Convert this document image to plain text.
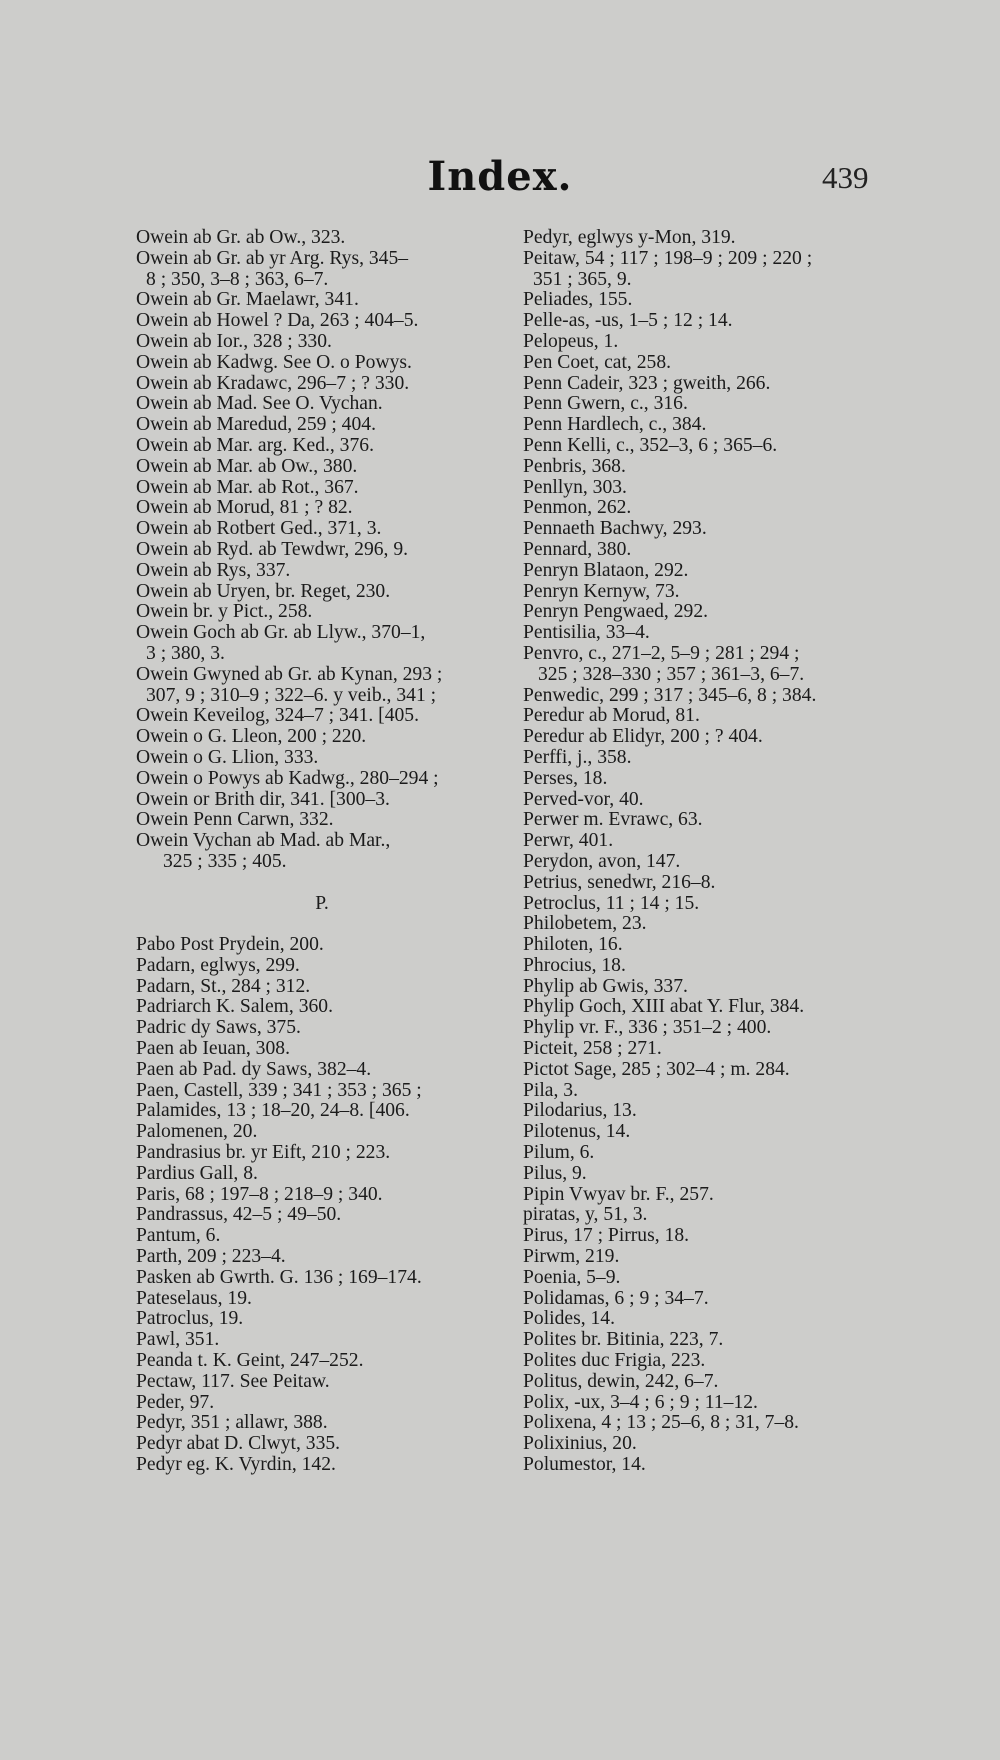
Index.	439
Owein ab Gr. ab Ow., 323.
Owein ab Gr. ab yr Arg. Rys, 345–
8 ; 350, 3–8 ; 363, 6–7.
Owein ab Gr. Maelawr, 341.
Owein ab Howel ? Da, 263 ; 404–5.
Owein ab Ior., 328 ; 330.
Owein ab Kadwg. See O. o Powys.
Owein ab Kradawc, 296–7 ; ? 330.
Owein ab Mad. See O. Vychan.
Owein ab Maredud, 259 ; 404.
Owein ab Mar. arg. Ked., 376.
Owein ab Mar. ab Ow., 380.
Owein ab Mar. ab Rot., 367.
Owein ab Morud, 81 ; ? 82.
Owein ab Rotbert Ged., 371, 3.
Owein ab Ryd. ab Tewdwr, 296, 9.
Owein ab Rys, 337.
Owein ab Uryen, br. Reget, 230.
Owein br. y Pict., 258.
Owein Goch ab Gr. ab Llyw., 370–1,
3 ; 380, 3.
Owein Gwyned ab Gr. ab Kynan, 293 ;
307, 9 ; 310–9 ; 322–6. y veib., 341 ;
Owein Keveilog, 324–7 ; 341. [405.
Owein o G. Lleon, 200 ; 220.
Owein o G. Llion, 333.
Owein o Powys ab Kadwg., 280–294 ;
Owein or Brith dir, 341. [300–3.
Owein Penn Carwn, 332.
Owein Vychan ab Mad. ab Mar.,
325 ; 335 ; 405.
P.
Pabo Post Prydein, 200.
Padarn, eglwys, 299.
Padarn, St., 284 ; 312.
Padriarch K. Salem, 360.
Padric dy Saws, 375.
Paen ab Ieuan, 308.
Paen ab Pad. dy Saws, 382–4.
Paen, Castell, 339 ; 341 ; 353 ; 365 ;
Palamides, 13 ; 18–20, 24–8. [406.
Palomenen, 20.
Pandrasius br. yr Eift, 210 ; 223.
Pardius Gall, 8.
Paris, 68 ; 197–8 ; 218–9 ; 340.
Pandrassus, 42–5 ; 49–50.
Pantum, 6.
Parth, 209 ; 223–4.
Pasken ab Gwrth. G. 136 ; 169–174.
Pateselaus, 19.
Patroclus, 19.
Pawl, 351.
Peanda t. K. Geint, 247–252.
Pectaw, 117. See Peitaw.
Peder, 97.
Pedyr, 351 ; allawr, 388.
Pedyr abat D. Clwyt, 335.
Pedyr eg. K. Vyrdin, 142.
Pedyr, eglwys y-Mon, 319.
Peitaw, 54 ; 117 ; 198–9 ; 209 ; 220 ;
351 ; 365, 9.
Peliades, 155.
Pelle-as, -us, 1–5 ; 12 ; 14.
Pelopeus, 1.
Pen Coet, cat, 258.
Penn Cadeir, 323 ; gweith, 266.
Penn Gwern, c., 316.
Penn Hardlech, c., 384.
Penn Kelli, c., 352–3, 6 ; 365–6.
Penbris, 368.
Penllyn, 303.
Penmon, 262.
Pennaeth Bachwy, 293.
Pennard, 380.
Penryn Blataon, 292.
Penryn Kernyw, 73.
Penryn Pengwaed, 292.
Pentisilia, 33–4.
Penvro, c., 271–2, 5–9 ; 281 ; 294 ;
325 ; 328–330 ; 357 ; 361–3, 6–7.
Penwedic, 299 ; 317 ; 345–6, 8 ; 384.
Peredur ab Morud, 81.
Peredur ab Elidyr, 200 ; ? 404.
Perffi, j., 358.
Perses, 18.
Perved-vor, 40.
Perwer m. Evrawc, 63.
Perwr, 401.
Perydon, avon, 147.
Petrius, senedwr, 216–8.
Petroclus, 11 ; 14 ; 15.
Philobetem, 23.
Philoten, 16.
Phrocius, 18.
Phylip ab Gwis, 337.
Phylip Goch, XIII abat Y. Flur, 384.
Phylip vr. F., 336 ; 351–2 ; 400.
Picteit, 258 ; 271.
Pictot Sage, 285 ; 302–4 ; m. 284.
Pila, 3.
Pilodarius, 13.
Pilotenus, 14.
Pilum, 6.
Pilus, 9.
Pipin Vwyav br. F., 257.
piratas, y, 51, 3.
Pirus, 17 ; Pirrus, 18.
Pirwm, 219.
Poenia, 5–9.
Polidamas, 6 ; 9 ; 34–7.
Polides, 14.
Polites br. Bitinia, 223, 7.
Polites duc Frigia, 223.
Politus, dewin, 242, 6–7.
Polix, -ux, 3–4 ; 6 ; 9 ; 11–12.
Polixena, 4 ; 13 ; 25–6, 8 ; 31, 7–8.
Polixinius, 20.
Polumestor, 14.
